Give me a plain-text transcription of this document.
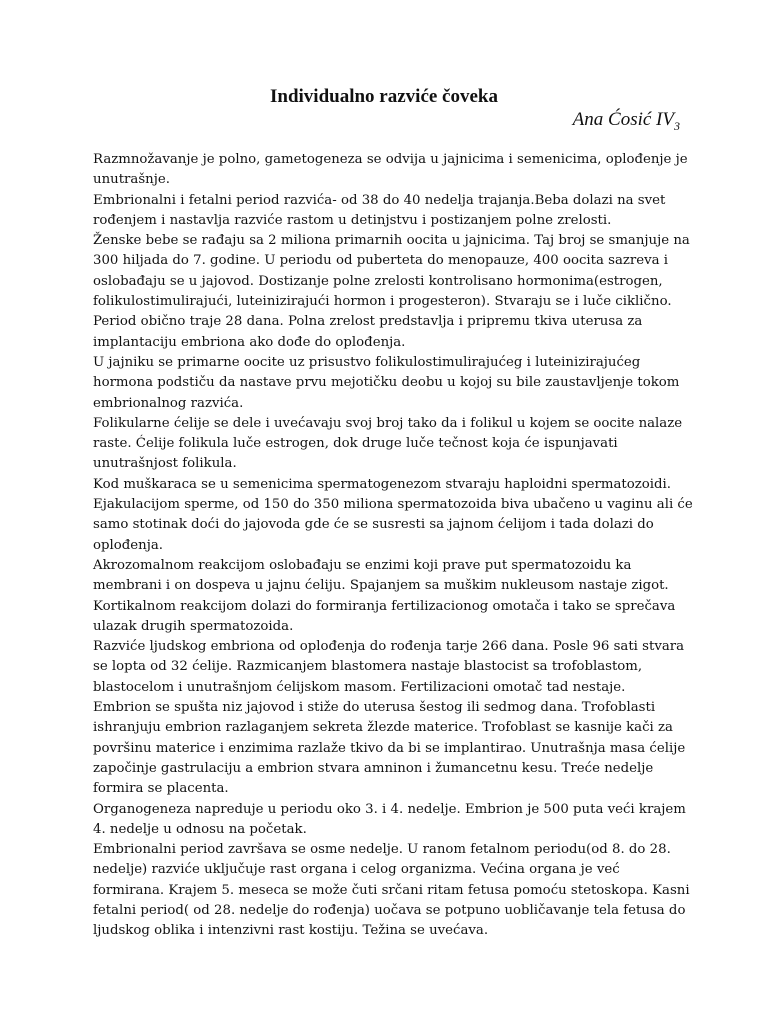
Individualno razviće čoveka
Ana Ćosić $IV_3$

Razmnožavanje je polno, gametogeneza se odvija u jajnicima i semenicima, oplođenje je unutrašnje.

Embrionalni i fetalni period razvića- od 38 do 40 nedelja trajanja.Beba dolazi na svet rođenjem i nastavlja razviće rastom u detinjstvu i postizanjem polne zrelosti.

Ženske bebe se rađaju sa 2 miliona primarnih oocita u jajnicima. Taj broj se smanjuje na 300 hiljada do 7. godine. U periodu od puberteta do menopauze, 400 oocita sazreva i oslobađaju se u jajovod. Dostizanje polne zrelosti kontrolisano hormonima(estrogen, folikulostimulirajući, luteinizirajući hormon i progesteron). Stvaraju se i luče ciklično. Period obično traje 28 dana. Polna zrelost predstavlja i pripremu tkiva uterusa za implantaciju embriona ako dođe do oplođenja.

U jajniku se primarne oocite uz prisustvo folikulostimulirajućeg i luteinizirajućeg hormona podstiču da nastave prvu mejotičku deobu u kojoj su bile zaustavljenje tokom embrionalnog razvića.

Folikularne ćelije se dele i uvećavaju svoj broj tako da i folikul u kojem se oocite nalaze raste. Ćelije folikula luče estrogen, dok druge luče tečnost koja će ispunjavati unutrašnjost folikula.

Kod muškaraca se u semenicima spermatogenezom stvaraju haploidni spermatozoidi. Ejakulacijom sperme, od 150 do 350 miliona spermatozoida biva ubačeno u vaginu ali će samo stotinak doći do jajovoda gde će se susresti sa jajnom ćelijom i tada dolazi do oplođenja.

Akrozomalnom reakcijom oslobađaju se enzimi koji prave put spermatozoidu ka membrani i on dospeva u jajnu ćeliju. Spajanjem sa muškim nukleusom nastaje zigot. Kortikalnom reakcijom dolazi do formiranja fertilizacionog omotača i tako se sprečava ulazak drugih spermatozoida.

Razviće ljudskog embriona od oplođenja do rođenja tarje 266 dana. Posle 96 sati stvara se lopta od 32 ćelije. Razmicanjem blastomera nastaje blastocist sa trofoblastom, blastocelom i unutrašnjom ćelijskom masom. Fertilizacioni omotač tad nestaje.

Embrion se spušta niz jajovod i stiže do uterusa šestog ili sedmog dana. Trofoblasti ishranjuju embrion razlaganjem sekreta žlezde materice. Trofoblast se kasnije kači za površinu materice i enzimima razlaže tkivo da bi se implantirao. Unutrašnja masa ćelije započinje gastrulaciju a embrion stvara amninon i žumancetnu kesu. Treće nedelje formira se placenta.

Organogeneza napreduje u periodu oko 3. i 4. nedelje. Embrion je 500 puta veći krajem 4. nedelje u odnosu na početak.

Embrionalni period završava se osme nedelje. U ranom fetalnom periodu(od 8. do 28. nedelje) razviće uključuje rast organa i celog organizma. Većina organa je već formirana. Krajem 5. meseca se može čuti srčani ritam fetusa pomoću stetoskopa. Kasni fetalni period( od 28. nedelje do rođenja) uočava se potpuno uobličavanje tela fetusa do ljudskog oblika i intenzivni rast kostiju. Težina se uvećava.
